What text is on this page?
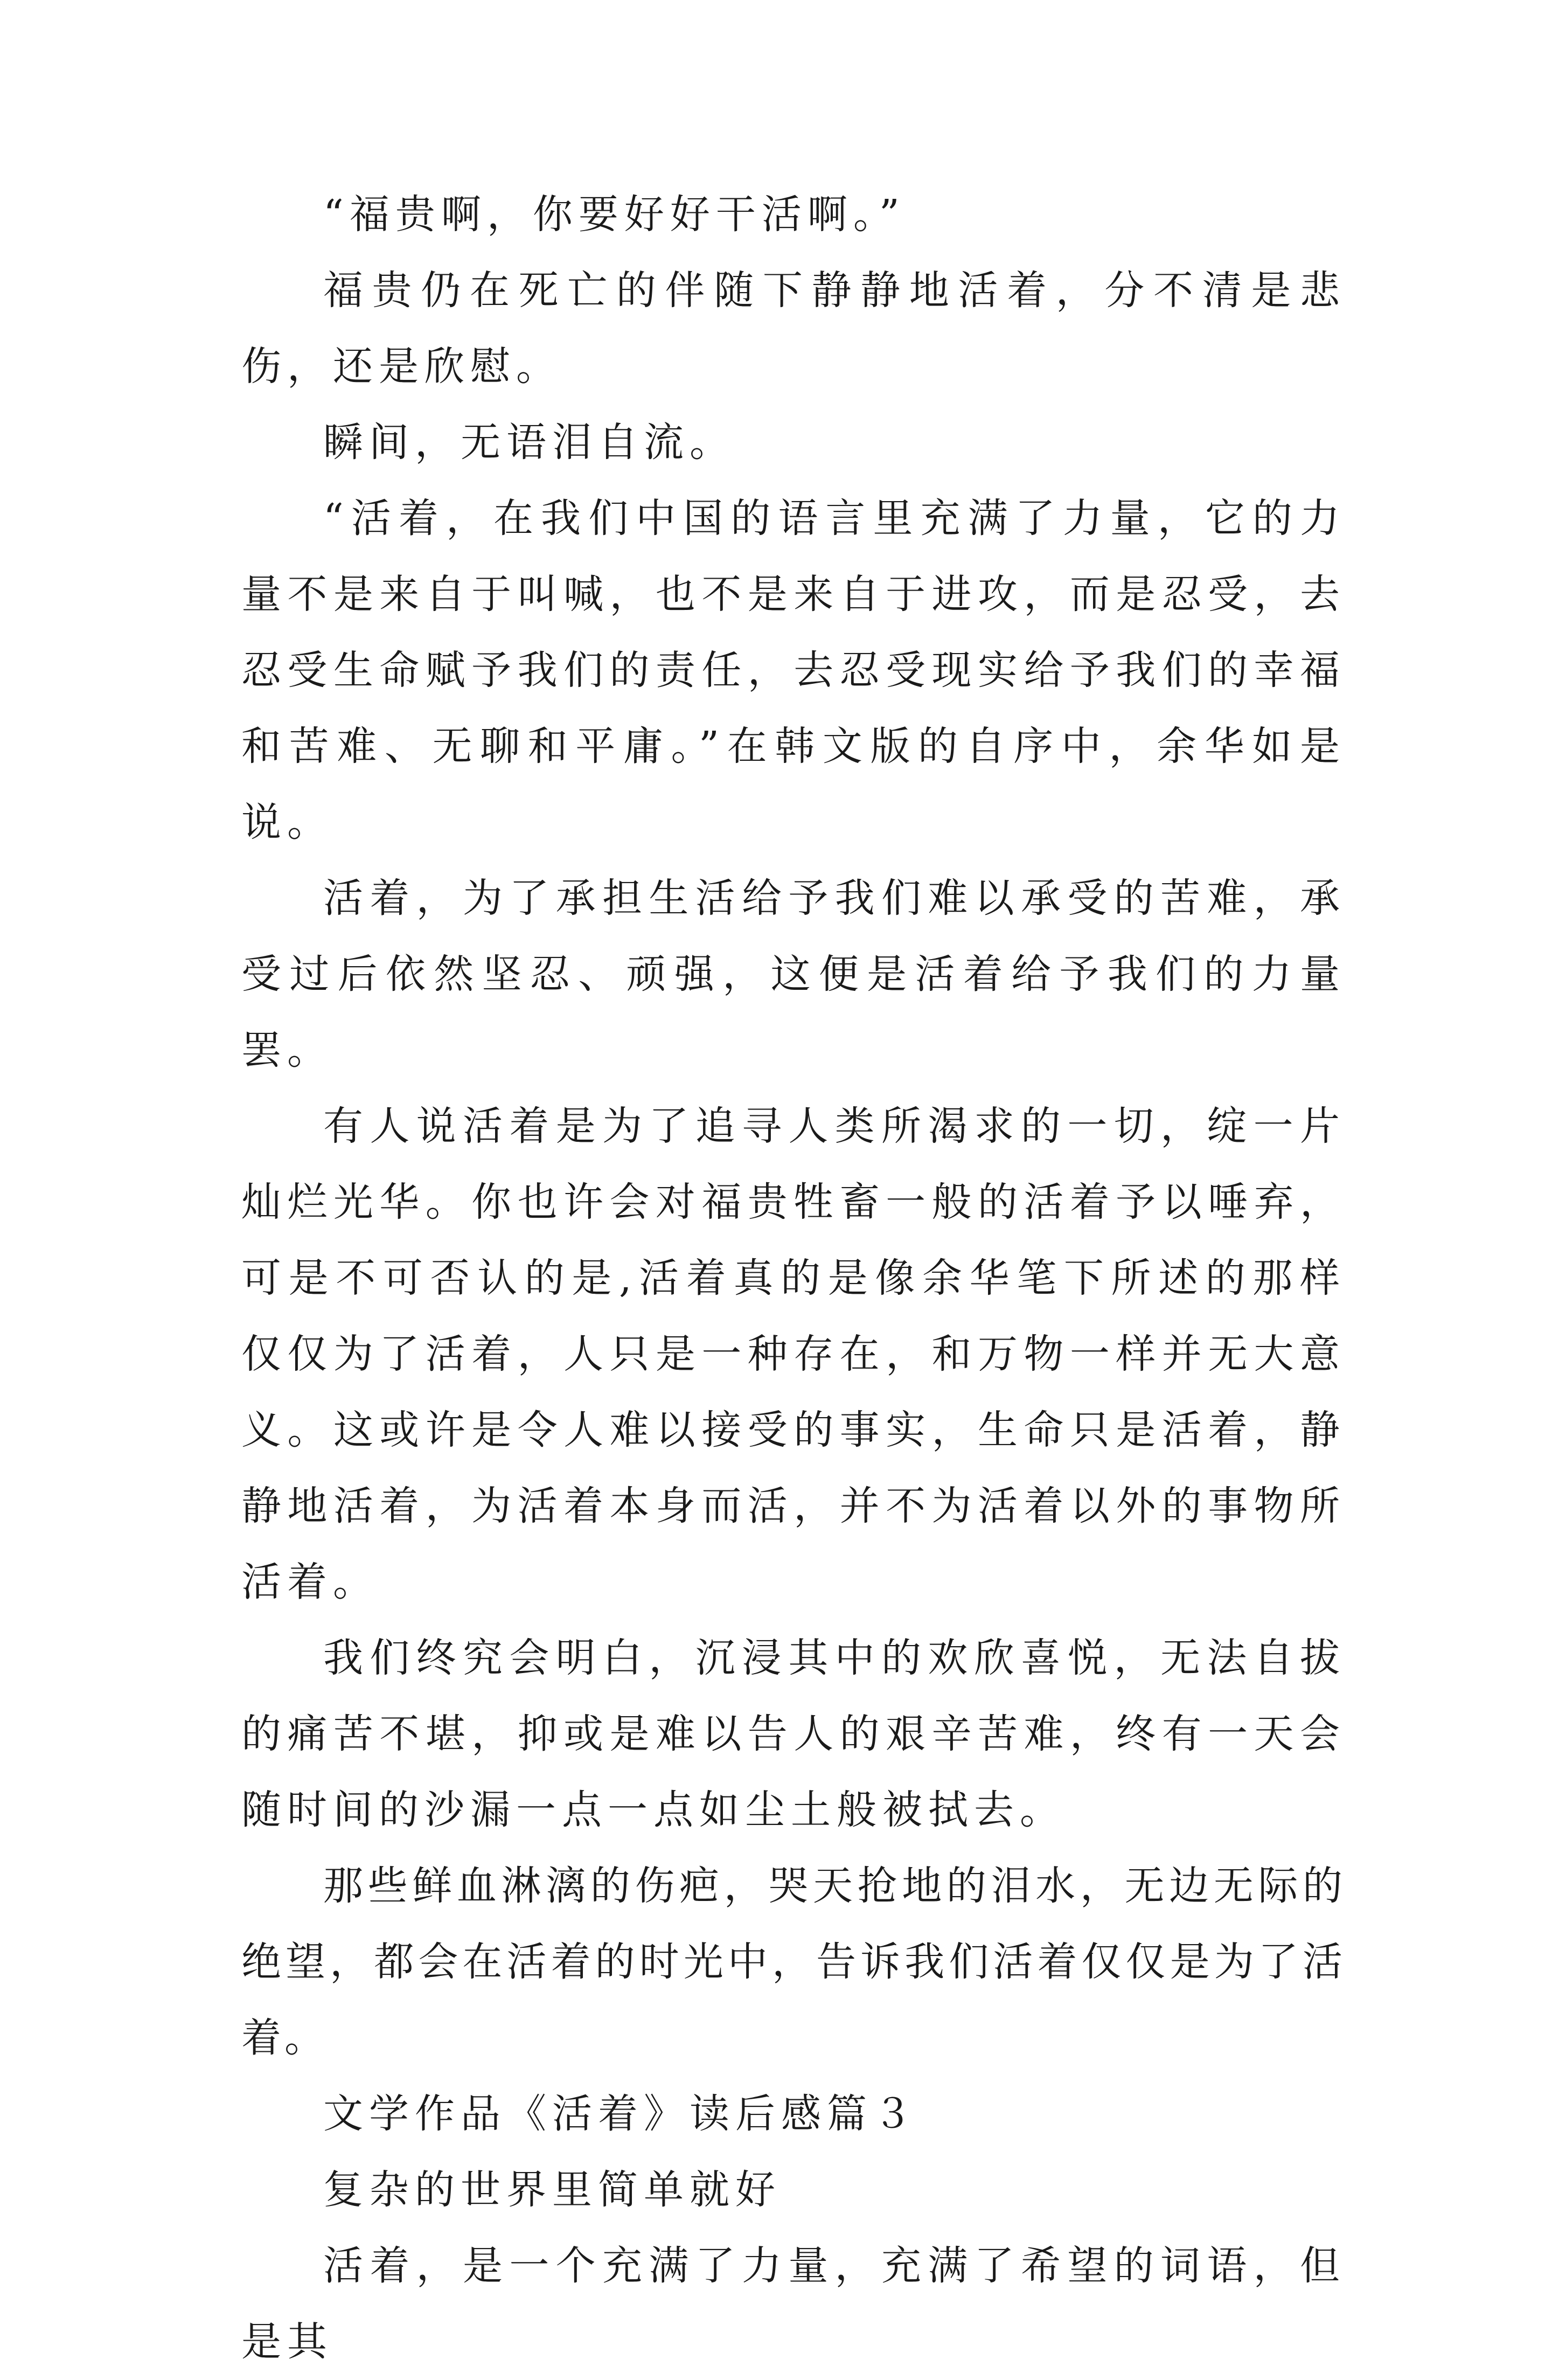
“福贵啊，你要好好干活啊。”

福贵仍在死亡的伴随下静静地活着，分不清是悲伤，还是欣慰。

瞬间，无语泪自流。

“活着，在我们中国的语言里充满了力量，它的力量不是来自于叫喊，也不是来自于进攻，而是忍受，去忍受生命赋予我们的责任，去忍受现实给予我们的幸福和苦难、无聊和平庸。”在韩文版的自序中，余华如是说。

活着，为了承担生活给予我们难以承受的苦难，承受过后依然坚忍、顽强，这便是活着给予我们的力量罢。

有人说活着是为了追寻人类所渴求的一切，绽一片灿烂光华。你也许会对福贵牲畜一般的活着予以唾弃，可是不可否认的是,活着真的是像余华笔下所述的那样仅仅为了活着，人只是一种存在，和万物一样并无大意义。这或许是令人难以接受的事实，生命只是活着，静静地活着，为活着本身而活，并不为活着以外的事物所活着。

我们终究会明白，沉浸其中的欢欣喜悦，无法自拔的痛苦不堪，抑或是难以告人的艰辛苦难，终有一天会随时间的沙漏一点一点如尘土般被拭去。

那些鲜血淋漓的伤疤，哭天抢地的泪水，无边无际的绝望，都会在活着的时光中，告诉我们活着仅仅是为了活着。

文学作品《活着》读后感篇３

复杂的世界里简单就好

活着，是一个充满了力量，充满了希望的词语，但是其
